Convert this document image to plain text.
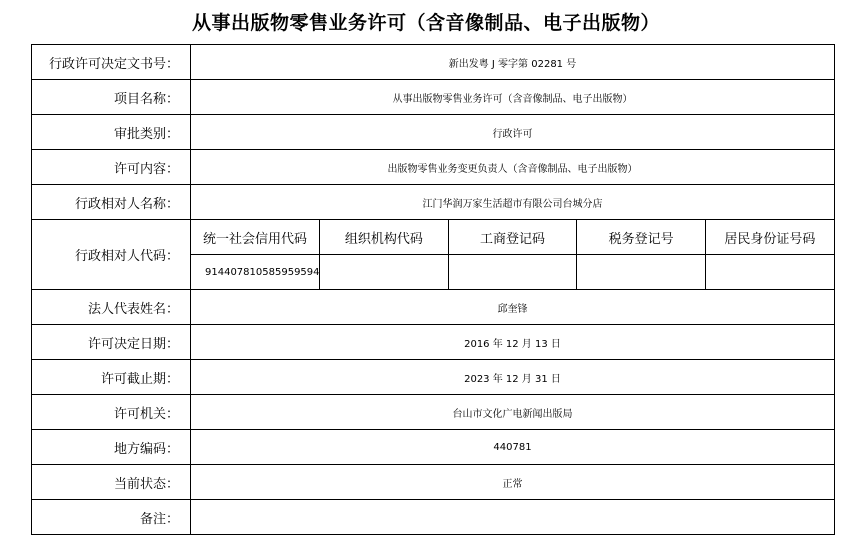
从事出版物零售业务许可（含音像制品、电子出版物）
行政许可决定文书号：	新出发粤 J 零字第 02281 号
项目名称：	从事出版物零售业务许可（含音像制品、电子出版物）
审批类别：	行政许可
许可内容：	出版物零售业务变更负责人（含音像制品、电子出版物）
行政相对人名称：	江门华润万家生活超市有限公司台城分店
行政相对人代码：	
统一社会信用代码	组织机构代码	工商登记码	税务登记号	居民身份证号码
914407810585959594				

法人代表姓名：	邱奎锋
许可决定日期：	2016 年 12 月 13 日
许可截止期：	2023 年 12 月 31 日
许可机关：	台山市文化广电新闻出版局
地方编码：	440781
当前状态：	正常
备注：	
